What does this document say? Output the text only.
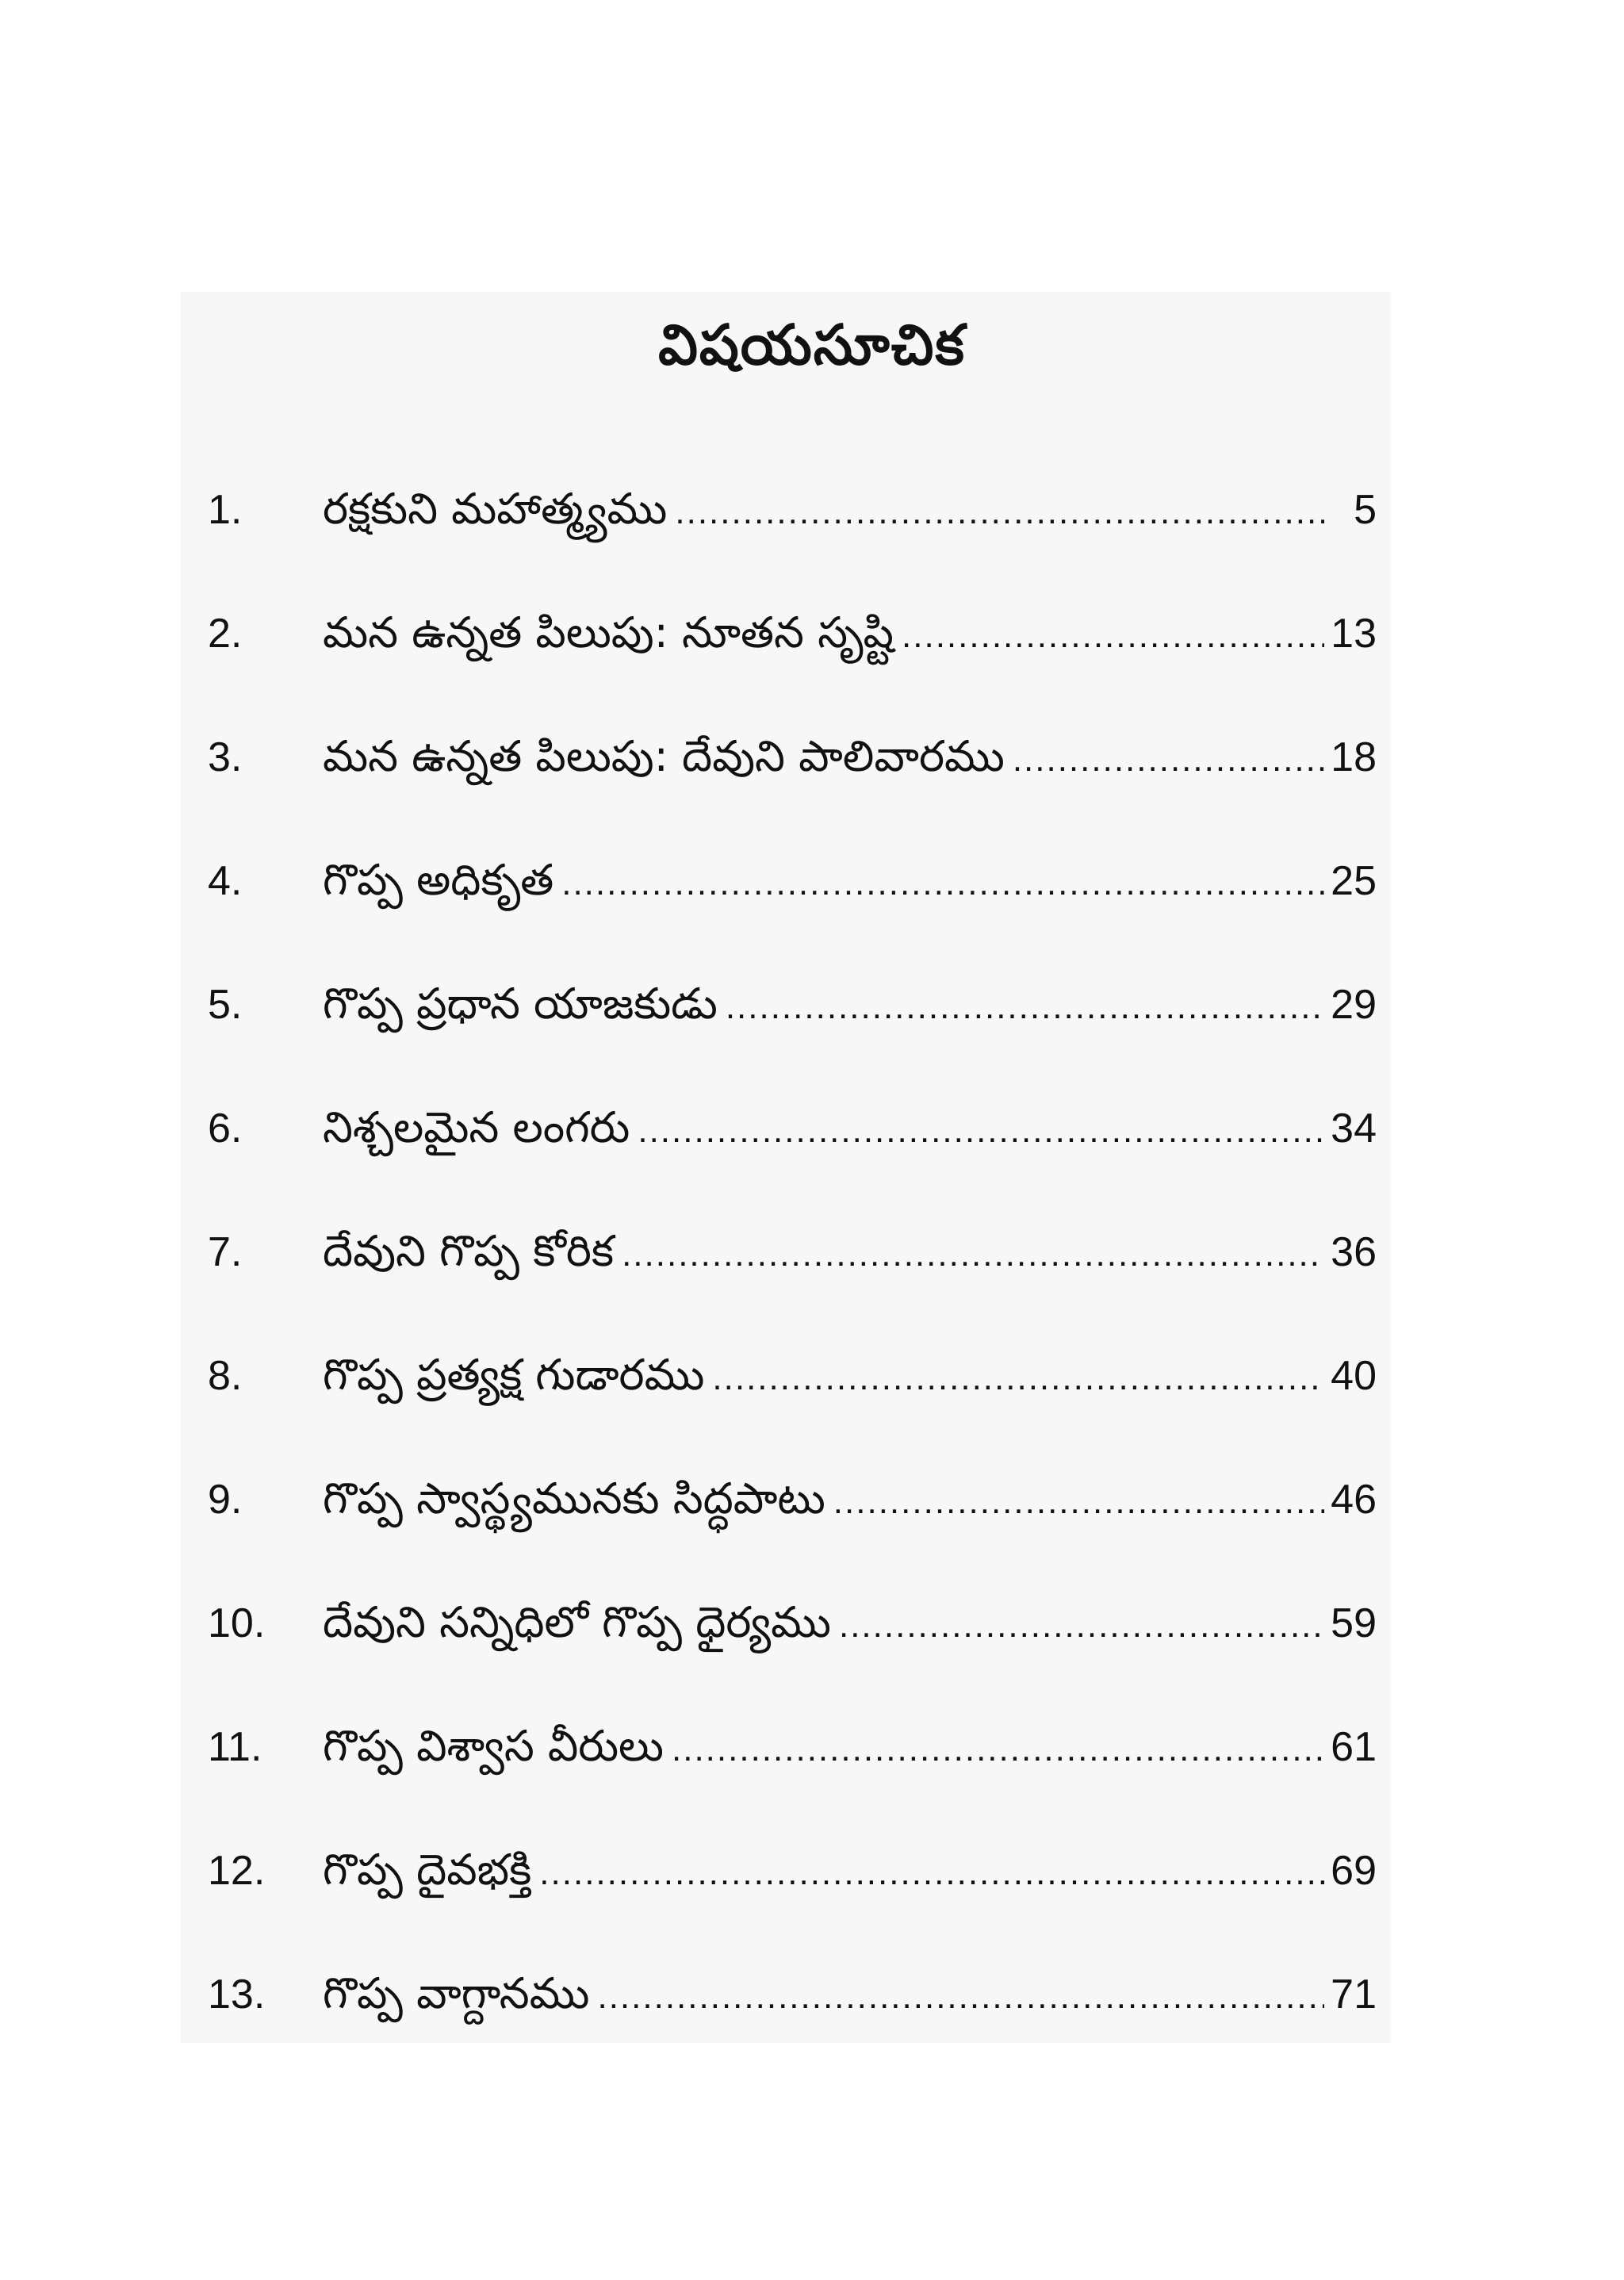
విషయసూచిక
1.	రక్షకుని మహాత్మ్యము .....	5
2.	మన ఉన్నత పిలుపు: నూతన సృష్టి .....	13
3.	మన ఉన్నత పిలుపు: దేవుని పాలివారము .....	18
4.	గొప్ప అధికృత .....	25
5.	గొప్ప ప్రధాన యాజకుడు .....	29
6.	నిశ్చలమైన లంగరు .....	34
7.	దేవుని గొప్ప కోరిక .....	36
8.	గొప్ప ప్రత్యక్ష గుడారము .....	40
9.	గొప్ప స్వాస్థ్యమునకు సిద్ధపాటు .....	46
10.	దేవుని సన్నిధిలో గొప్ప ధైర్యము .....	59
11.	గొప్ప విశ్వాస వీరులు .....	61
12.	గొప్ప దైవభక్తి .....	69
13.	గొప్ప వాగ్దానము .....	71
